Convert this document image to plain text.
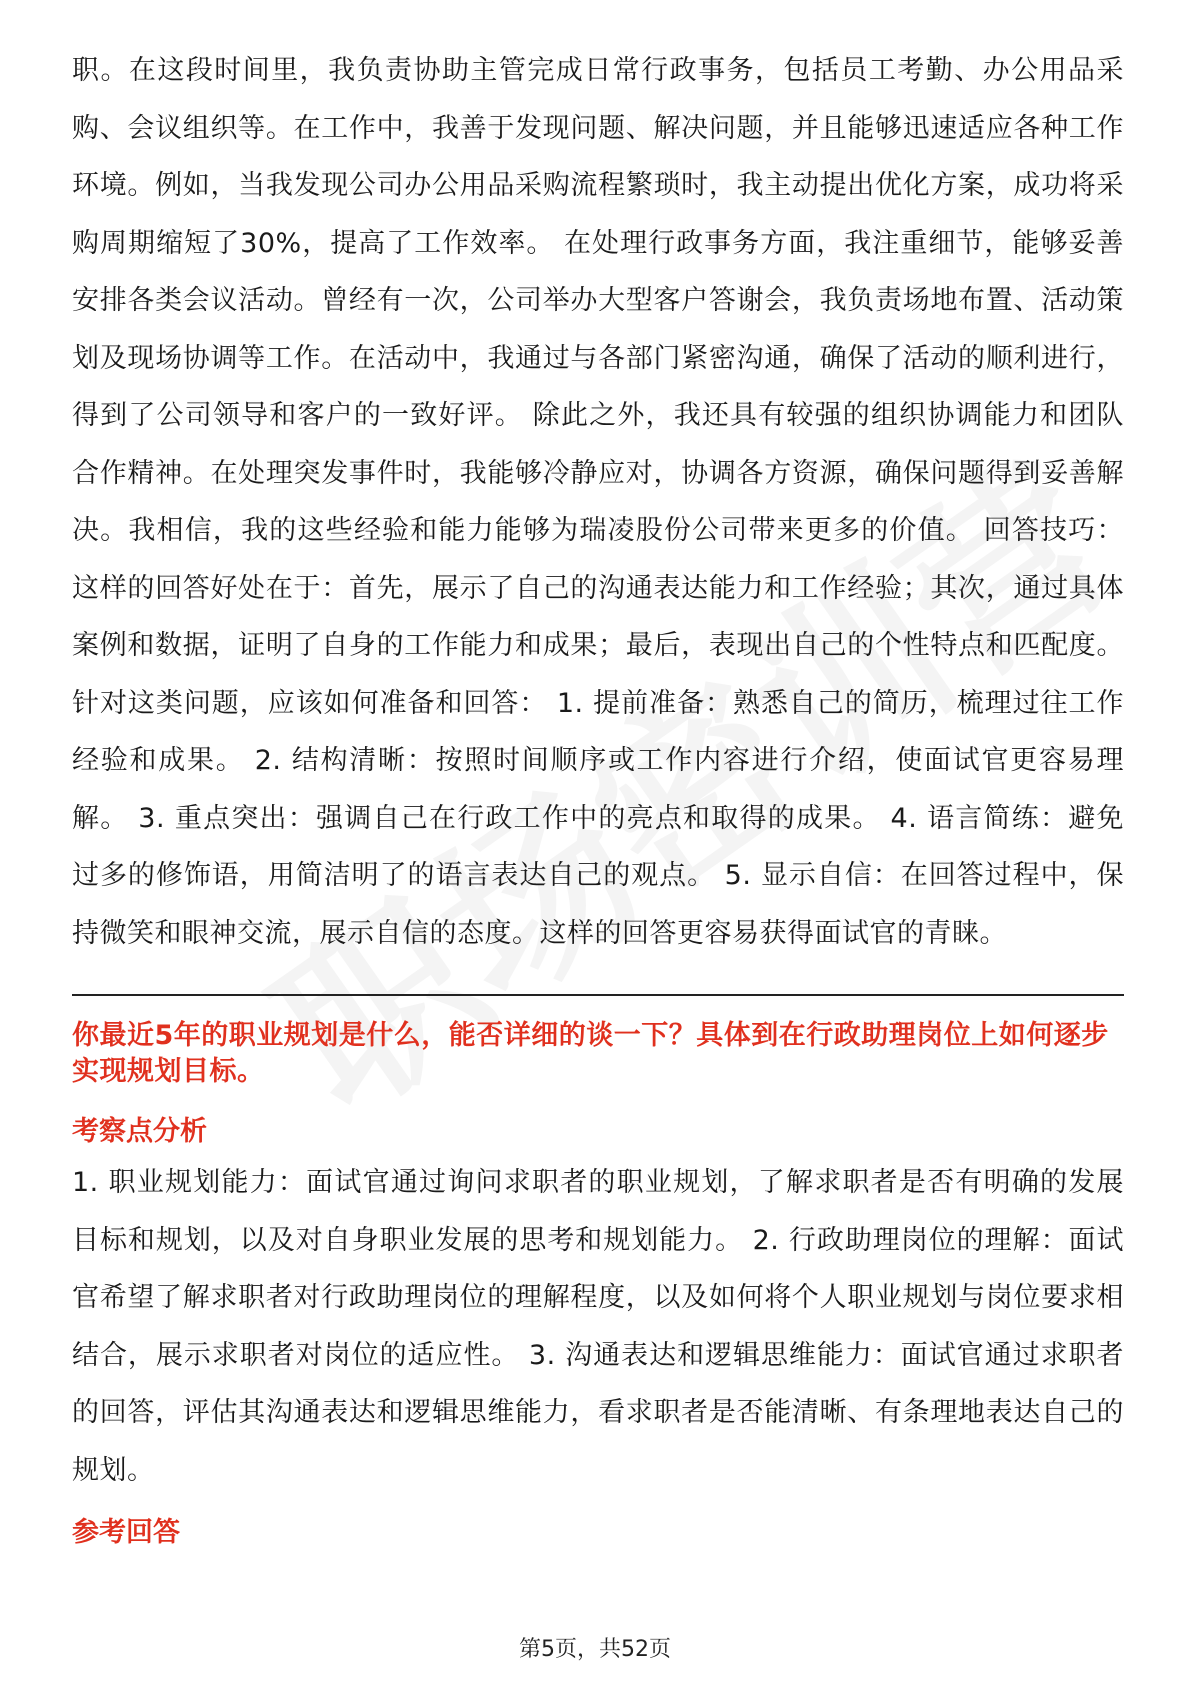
职。在这段时间里，我负责协助主管完成日常行政事务，包括员工考勤、办公用品采购、会议组织等。在工作中，我善于发现问题、解决问题，并且能够迅速适应各种工作环境。例如，当我发现公司办公用品采购流程繁琐时，我主动提出优化方案，成功将采购周期缩短了30%，提高了工作效率。 在处理行政事务方面，我注重细节，能够妥善安排各类会议活动。曾经有一次，公司举办大型客户答谢会，我负责场地布置、活动策划及现场协调等工作。在活动中，我通过与各部门紧密沟通，确保了活动的顺利进行，得到了公司领导和客户的一致好评。 除此之外，我还具有较强的组织协调能力和团队合作精神。在处理突发事件时，我能够冷静应对，协调各方资源，确保问题得到妥善解决。我相信，我的这些经验和能力能够为瑞凌股份公司带来更多的价值。 回答技巧： 这样的回答好处在于：首先，展示了自己的沟通表达能力和工作经验；其次，通过具体案例和数据，证明了自身的工作能力和成果；最后，表现出自己的个性特点和匹配度。 针对这类问题，应该如何准备和回答： 1. 提前准备：熟悉自己的简历，梳理过往工作经验和成果。 2. 结构清晰：按照时间顺序或工作内容进行介绍，使面试官更容易理解。 3. 重点突出：强调自己在行政工作中的亮点和取得的成果。 4. 语言简练：避免过多的修饰语，用简洁明了的语言表达自己的观点。 5. 显示自信：在回答过程中，保持微笑和眼神交流，展示自信的态度。这样的回答更容易获得面试官的青睐。

你最近5年的职业规划是什么，能否详细的谈一下？具体到在行政助理岗位上如何逐步实现规划目标。

考察点分析

1. 职业规划能力：面试官通过询问求职者的职业规划，了解求职者是否有明确的发展目标和规划，以及对自身职业发展的思考和规划能力。 2. 行政助理岗位的理解：面试官希望了解求职者对行政助理岗位的理解程度，以及如何将个人职业规划与岗位要求相结合，展示求职者对岗位的适应性。 3. 沟通表达和逻辑思维能力：面试官通过求职者的回答，评估其沟通表达和逻辑思维能力，看求职者是否能清晰、有条理地表达自己的规划。

参考回答
第5页，共52页
